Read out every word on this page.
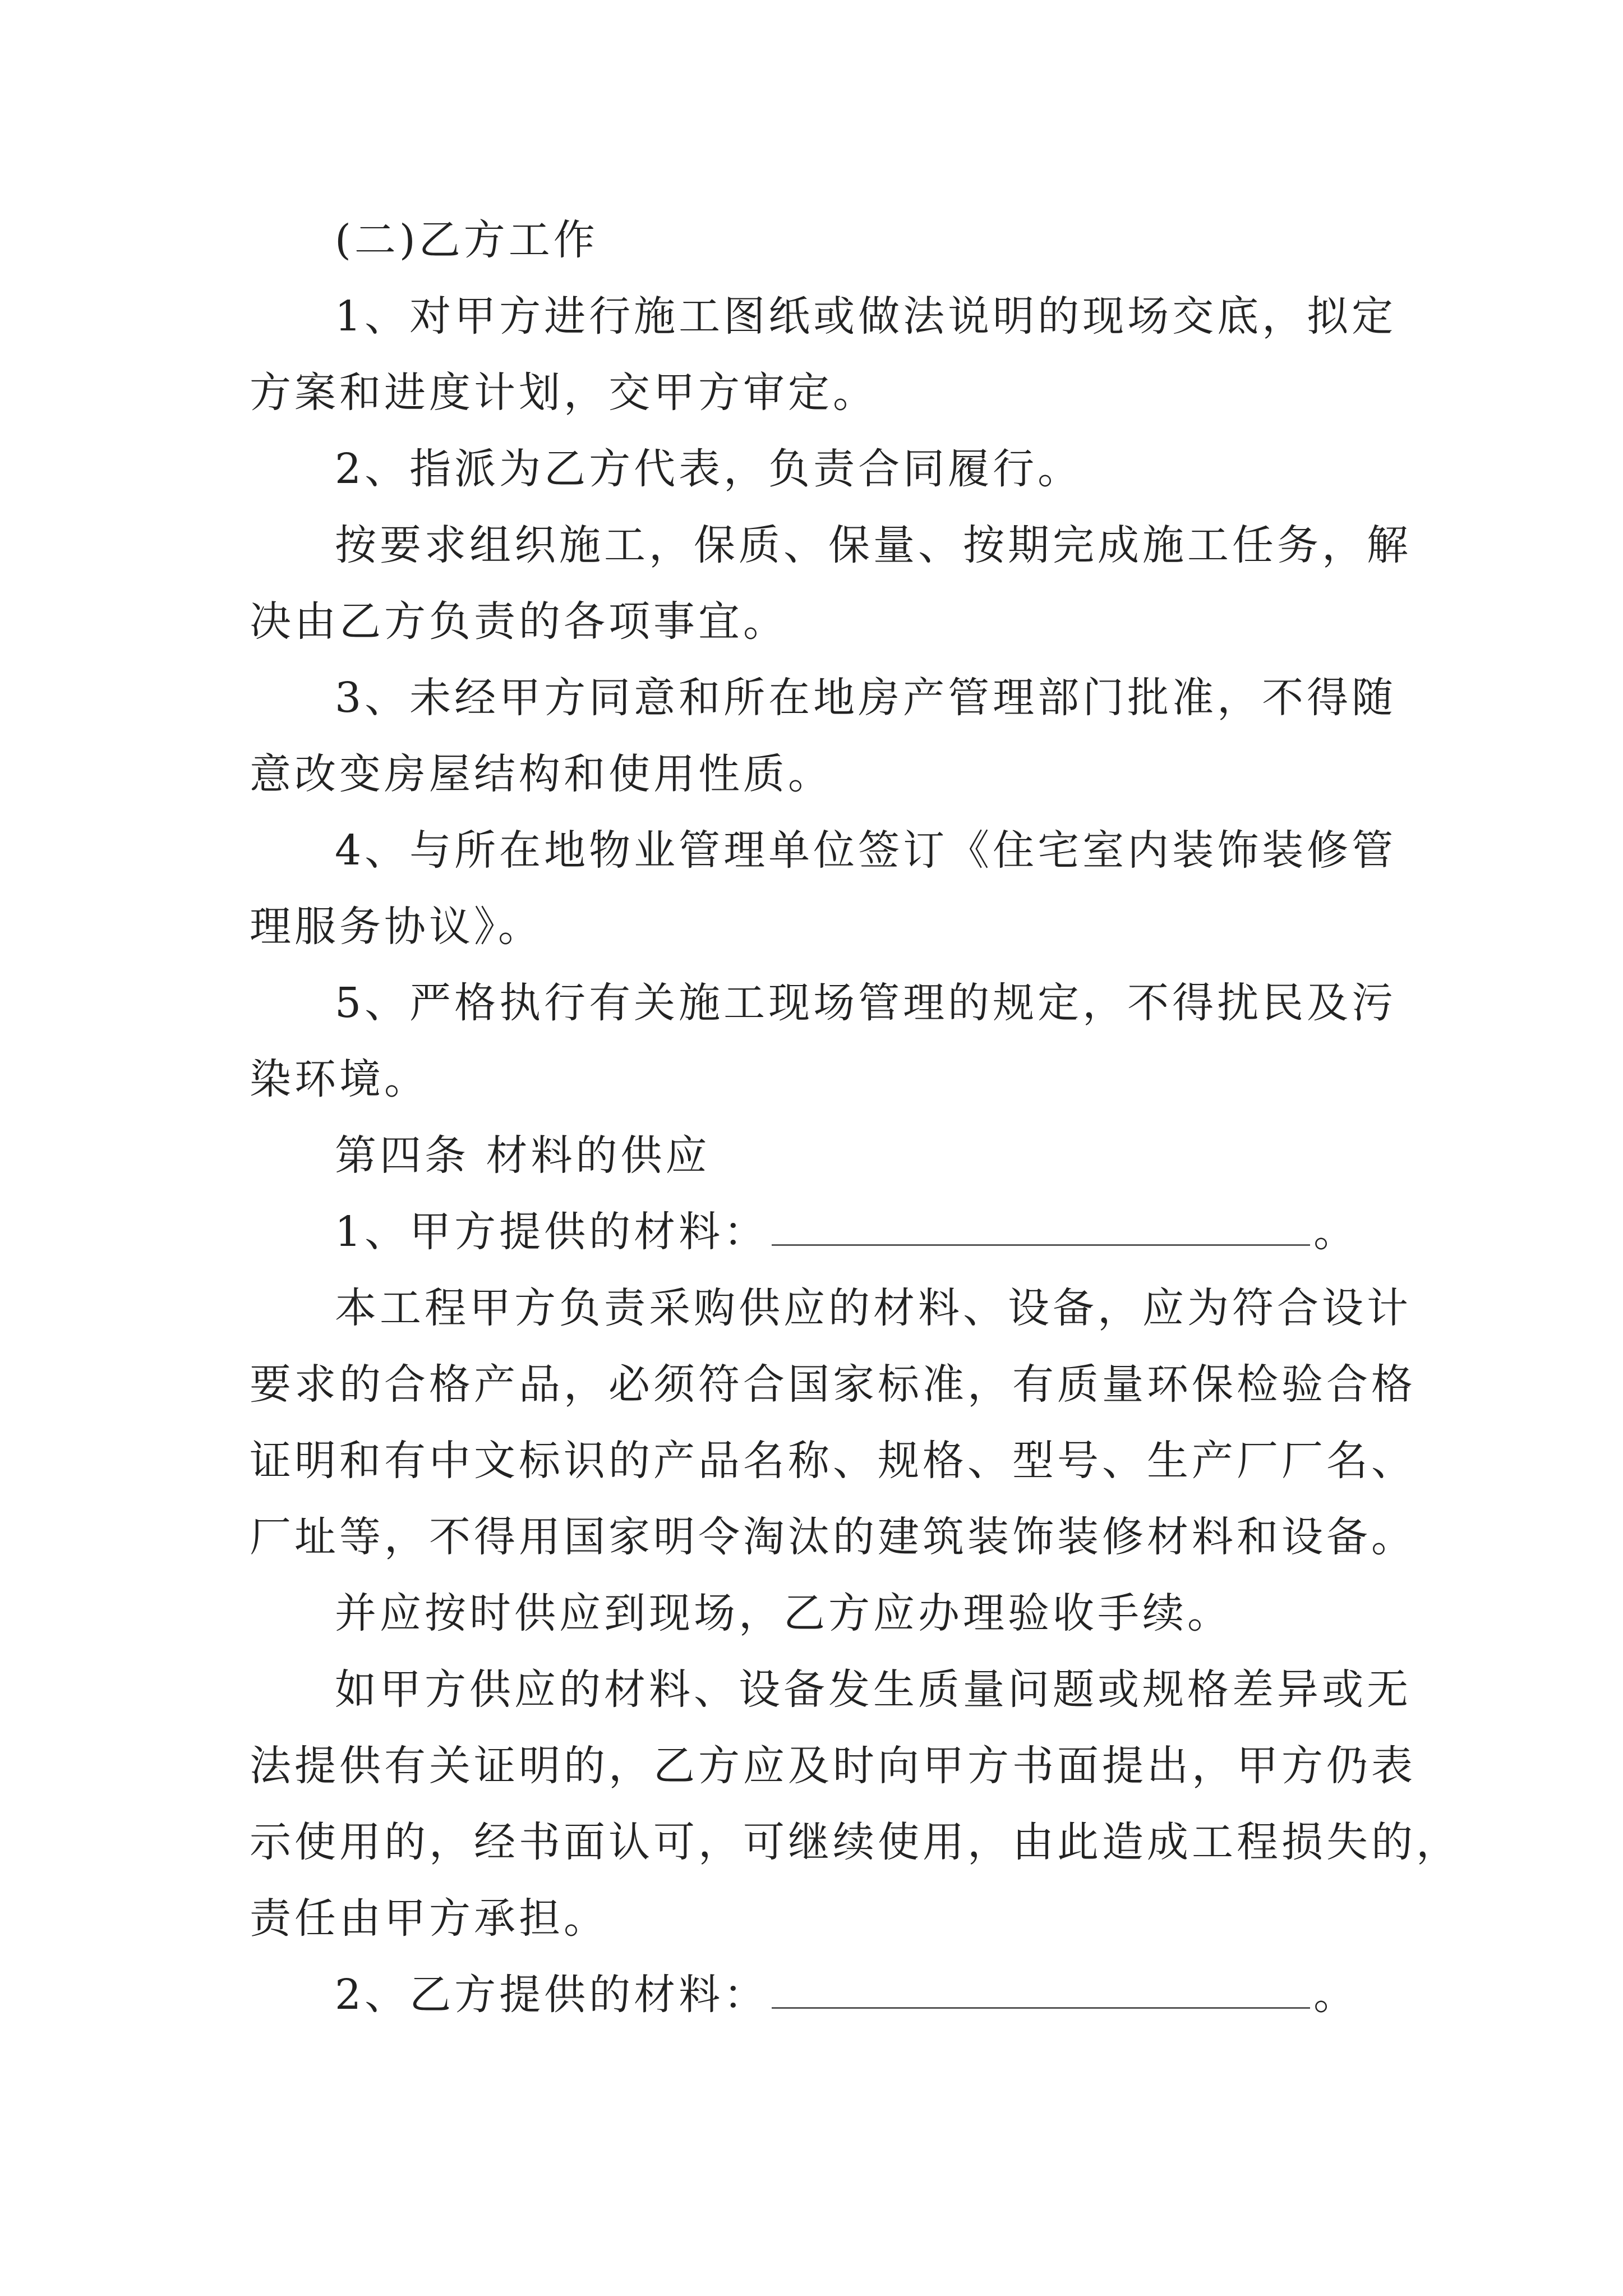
(二)乙方工作

1、对甲方进行施工图纸或做法说明的现场交底，拟定
方案和进度计划，交甲方审定。

2、指派为乙方代表，负责合同履行。

按要求组织施工，保质、保量、按期完成施工任务，解
决由乙方负责的各项事宜。

3、未经甲方同意和所在地房产管理部门批准，不得随
意改变房屋结构和使用性质。

4、与所在地物业管理单位签订《住宅室内装饰装修管
理服务协议》。

5、严格执行有关施工现场管理的规定，不得扰民及污
染环境。

第四条 材料的供应

1、甲方提供的材料：	。

本工程甲方负责采购供应的材料、设备，应为符合设计
要求的合格产品，必须符合国家标准，有质量环保检验合格
证明和有中文标识的产品名称、规格、型号、生产厂厂名、
厂址等，不得用国家明令淘汰的建筑装饰装修材料和设备。

并应按时供应到现场，乙方应办理验收手续。

如甲方供应的材料、设备发生质量问题或规格差异或无
法提供有关证明的，乙方应及时向甲方书面提出，甲方仍表
示使用的，经书面认可，可继续使用，由此造成工程损失的，
责任由甲方承担。

2、乙方提供的材料：	。
